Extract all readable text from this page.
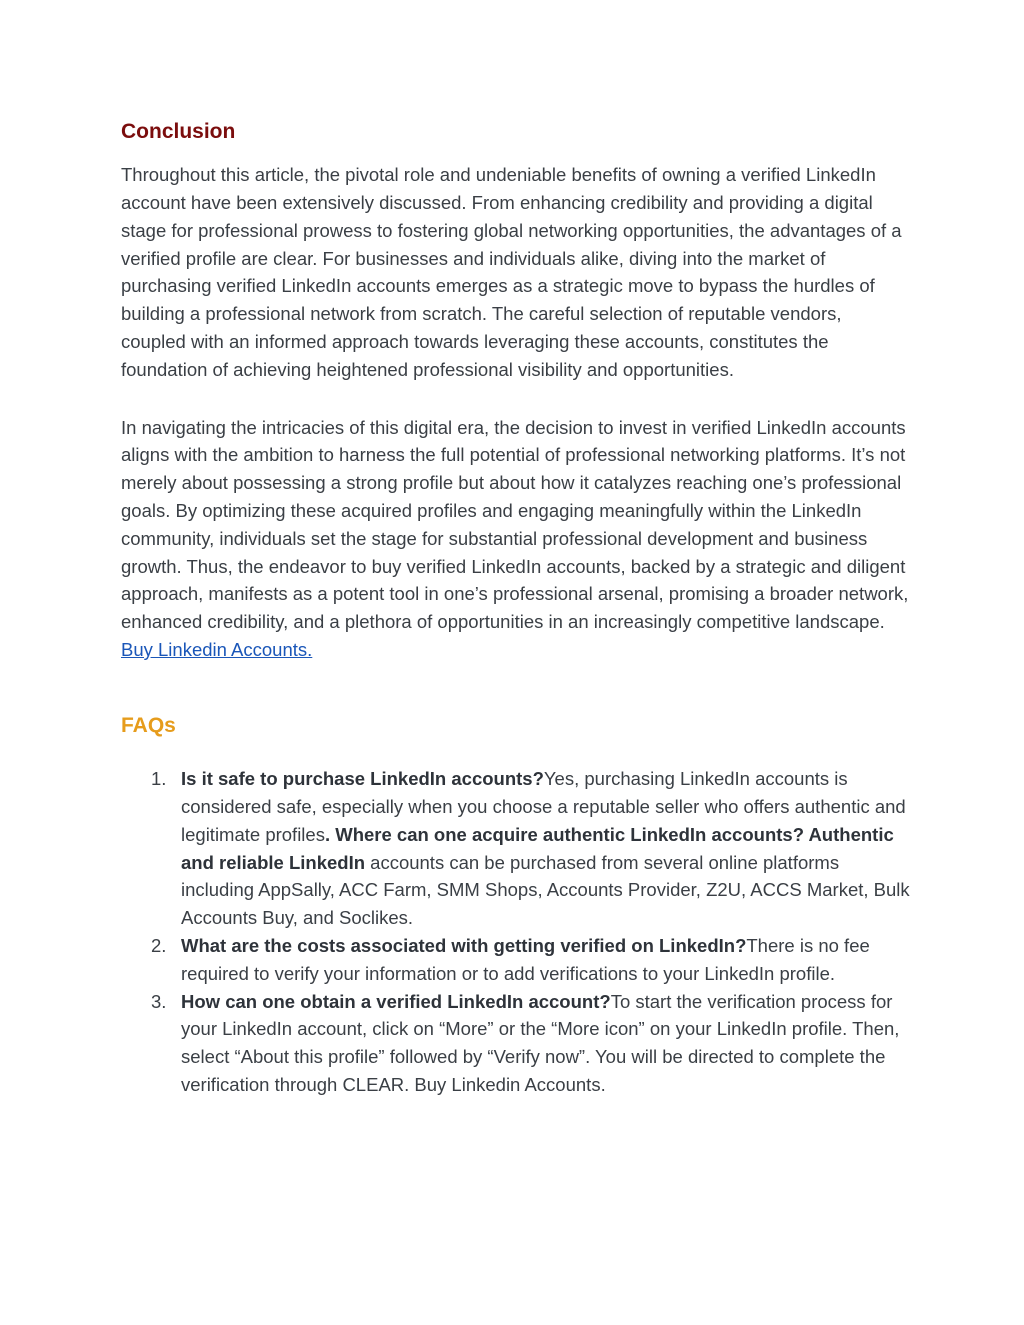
Conclusion

Throughout this article, the pivotal role and undeniable benefits of owning a verified LinkedIn account have been extensively discussed. From enhancing credibility and providing a digital stage for professional prowess to fostering global networking opportunities, the advantages of a verified profile are clear. For businesses and individuals alike, diving into the market of purchasing verified LinkedIn accounts emerges as a strategic move to bypass the hurdles of building a professional network from scratch. The careful selection of reputable vendors, coupled with an informed approach towards leveraging these accounts, constitutes the foundation of achieving heightened professional visibility and opportunities.

In navigating the intricacies of this digital era, the decision to invest in verified LinkedIn accounts aligns with the ambition to harness the full potential of professional networking platforms. It’s not merely about possessing a strong profile but about how it catalyzes reaching one’s professional goals. By optimizing these acquired profiles and engaging meaningfully within the LinkedIn community, individuals set the stage for substantial professional development and business growth. Thus, the endeavor to buy verified LinkedIn accounts, backed by a strategic and diligent approach, manifests as a potent tool in one’s professional arsenal, promising a broader network, enhanced credibility, and a plethora of opportunities in an increasingly competitive landscape. Buy Linkedin Accounts.

FAQs
1. Is it safe to purchase LinkedIn accounts?Yes, purchasing LinkedIn accounts is considered safe, especially when you choose a reputable seller who offers authentic and legitimate profiles. Where can one acquire authentic LinkedIn accounts? Authentic and reliable LinkedIn accounts can be purchased from several online platforms including AppSally, ACC Farm, SMM Shops, Accounts Provider, Z2U, ACCS Market, Bulk Accounts Buy, and Soclikes.
2. What are the costs associated with getting verified on LinkedIn?There is no fee required to verify your information or to add verifications to your LinkedIn profile.
3. How can one obtain a verified LinkedIn account?To start the verification process for your LinkedIn account, click on “More” or the “More icon” on your LinkedIn profile. Then, select “About this profile” followed by “Verify now”. You will be directed to complete the verification through CLEAR. Buy Linkedin Accounts.
